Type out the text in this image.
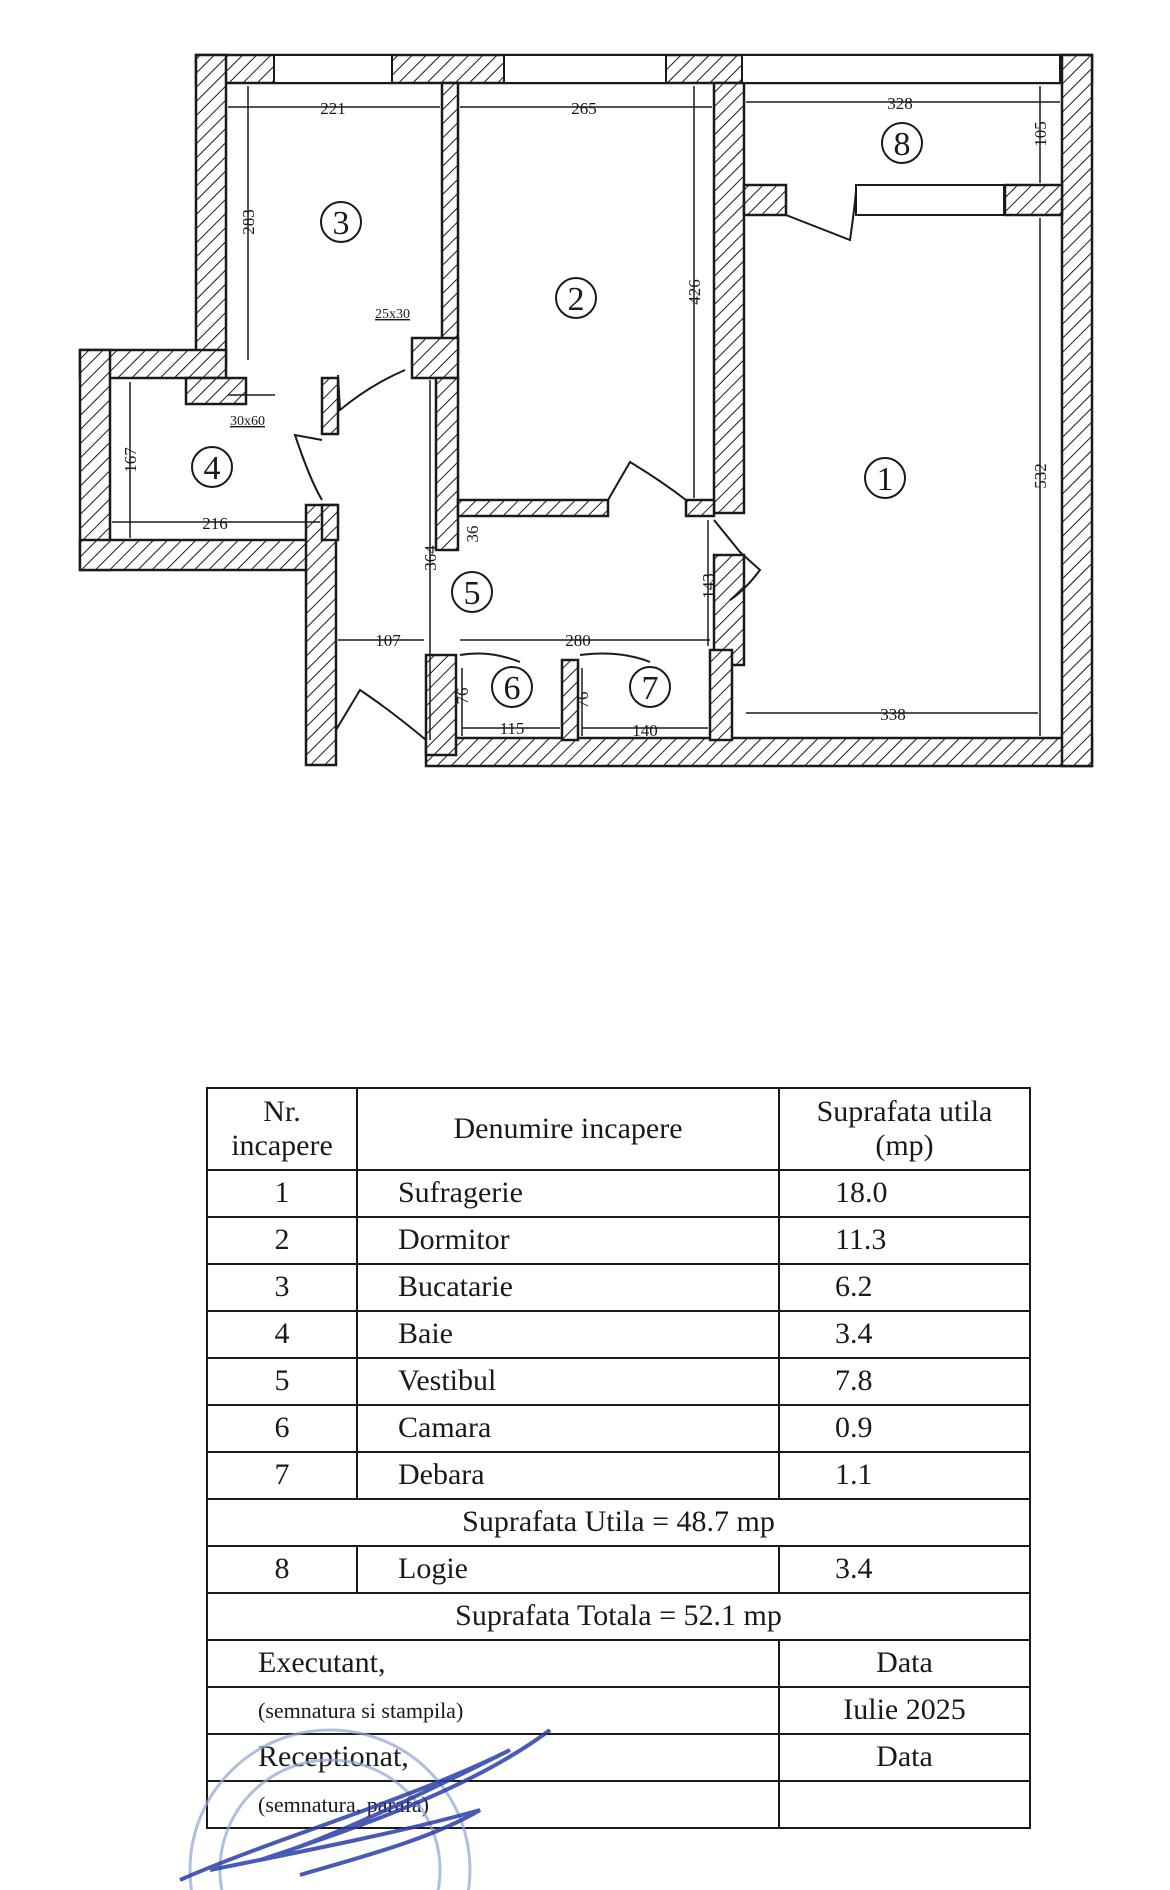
221	265	328
105
283
426
532
167
216
364
36
143
107	280
76	76
115	140
338
25x30
30x60
1
2
3
4
5
6	7
8
Nr.
incapere	Denumire incapere	Suprafata utila
(mp)
1	Sufragerie	18.0
2	Dormitor	11.3
3	Bucatarie	6.2
4	Baie	3.4
5	Vestibul	7.8
6	Camara	0.9
7	Debara	1.1
Suprafata Utila = 48.7 mp		
8	Logie	3.4
Suprafata Totala = 52.1 mp		
Executant,		Data
(semnatura si stampila)		Iulie 2025
Receptionat,		Data
(semnatura, parafa)		
